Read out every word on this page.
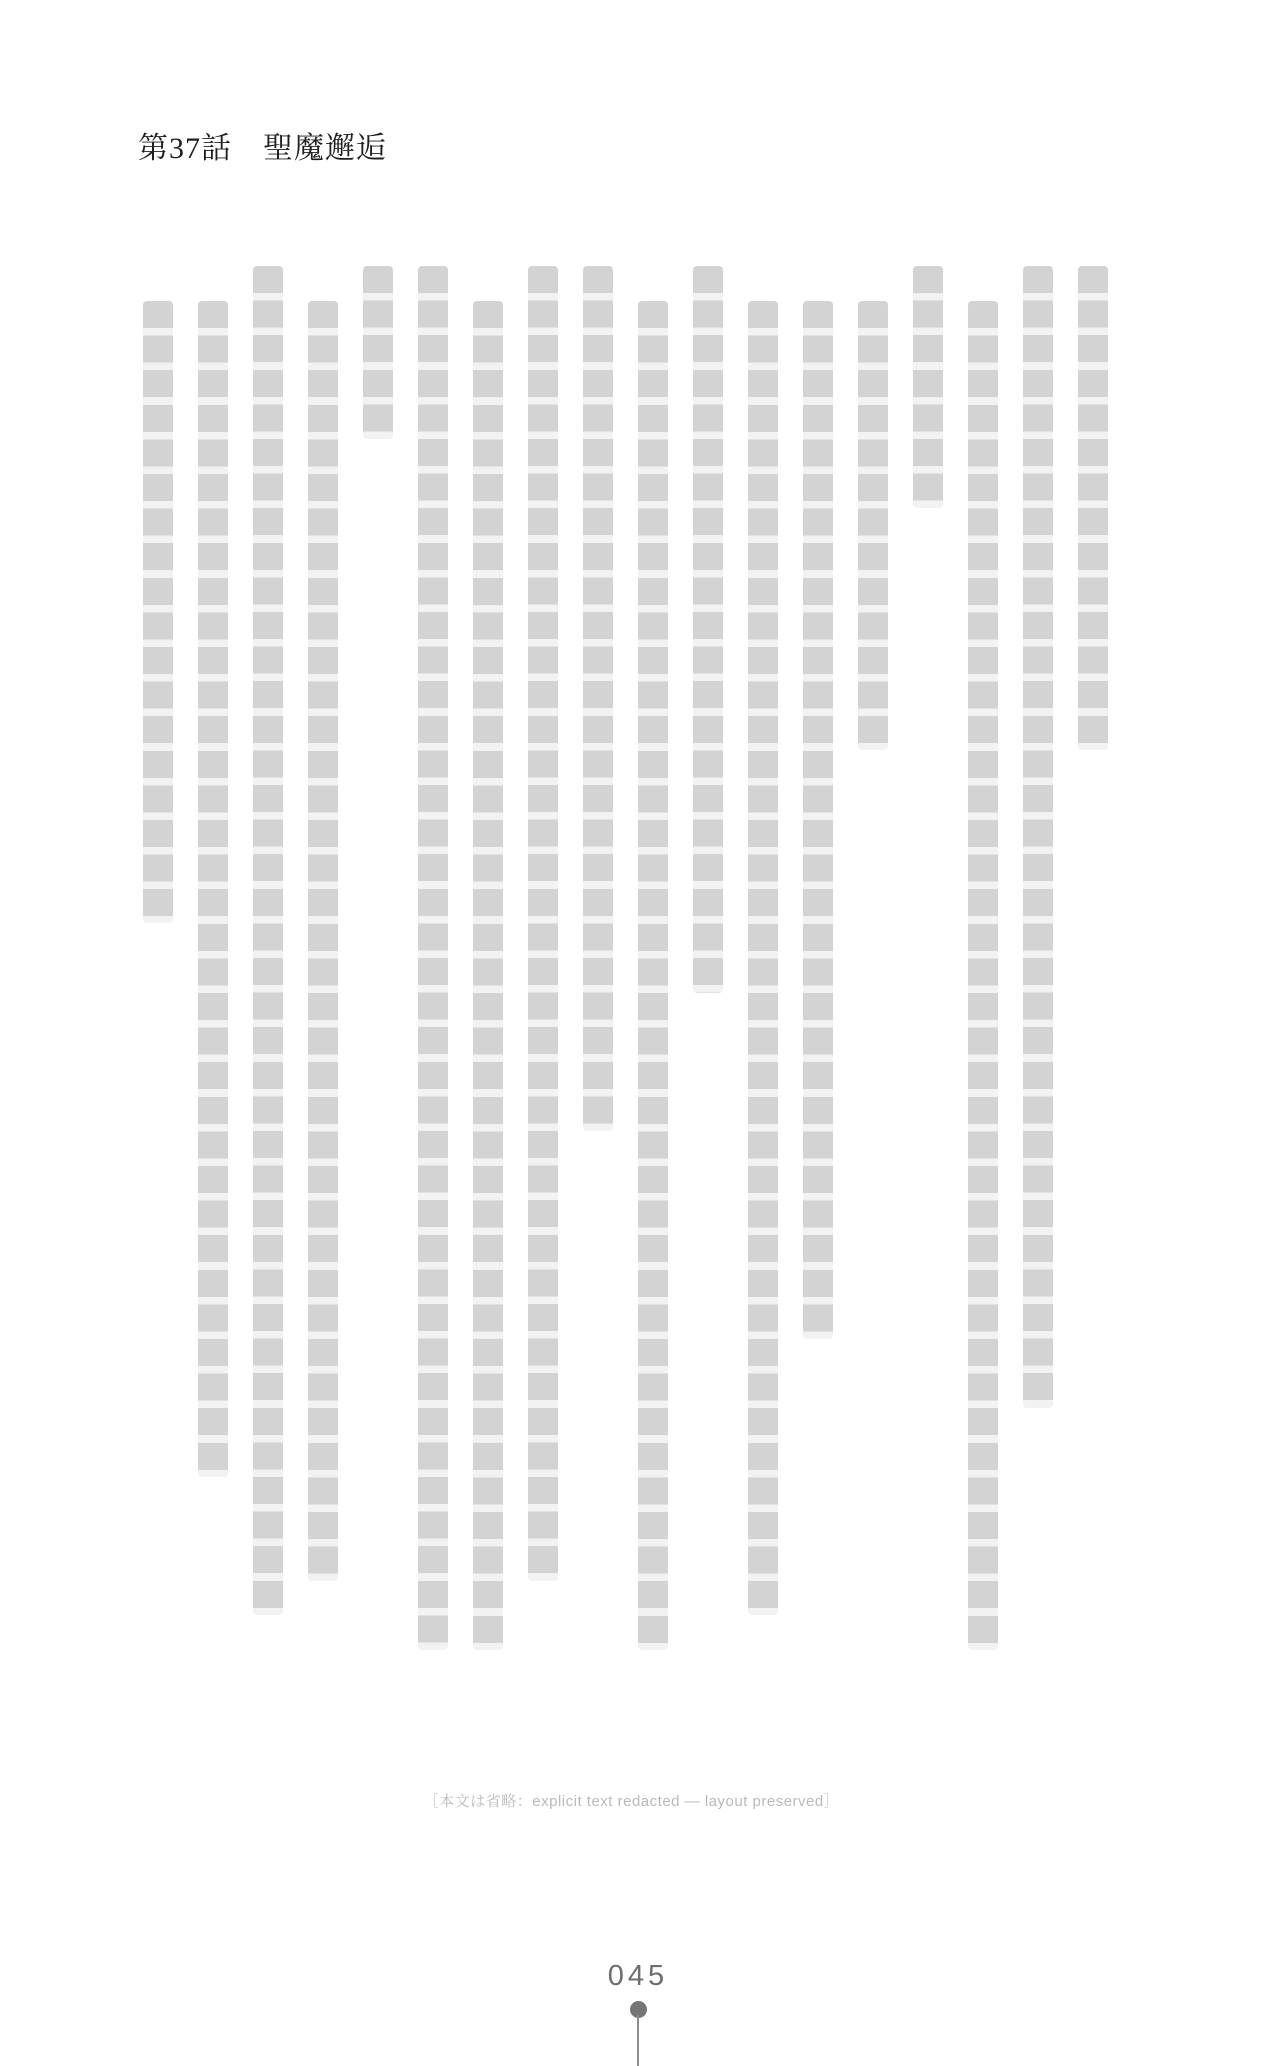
第37話　聖魔邂逅
［本文は省略：explicit text redacted — layout preserved］
045
